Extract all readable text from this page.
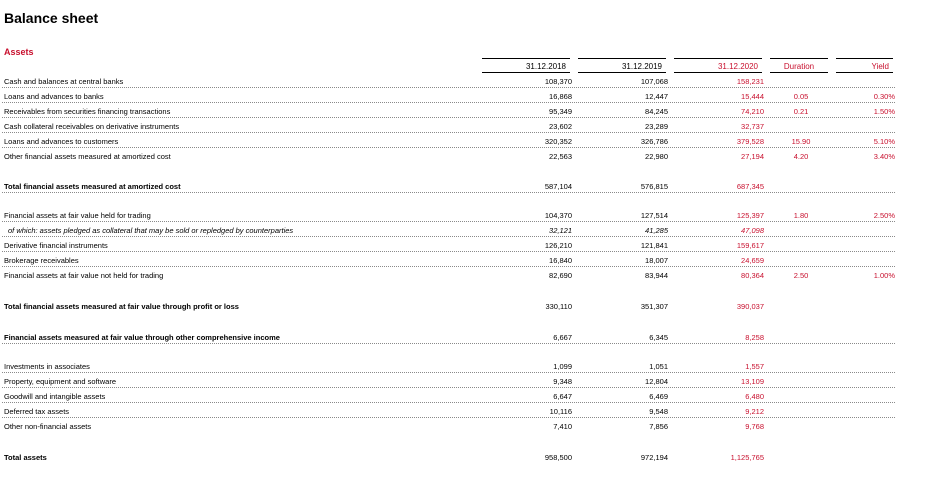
Balance sheet
Assets
31.12.2018	31.12.2019	31.12.2020	Duration	Yield
Cash and balances at central banks	108,370	107,068	158,231
Loans and advances to banks	16,868	12,447	15,444	0.05	0.30%
Receivables from securities financing transactions	95,349	84,245	74,210	0.21	1.50%
Cash collateral receivables on derivative instruments	23,602	23,289	32,737
Loans and advances to customers	320,352	326,786	379,528	15.90	5.10%
Other financial assets measured at amortized cost	22,563	22,980	27,194	4.20	3.40%
Total financial assets measured at amortized cost	587,104	576,815	687,345
Financial assets at fair value held for trading	104,370	127,514	125,397	1.80	2.50%
of which: assets pledged as collateral that may be sold or repledged by counterparties	32,121	41,285	47,098
Derivative financial instruments	126,210	121,841	159,617
Brokerage receivables	16,840	18,007	24,659
Financial assets at fair value not held for trading	82,690	83,944	80,364	2.50	1.00%
Total financial assets measured at fair value through profit or loss	330,110	351,307	390,037
Financial assets measured at fair value through other comprehensive income	6,667	6,345	8,258
Investments in associates	1,099	1,051	1,557
Property, equipment and software	9,348	12,804	13,109
Goodwill and intangible assets	6,647	6,469	6,480
Deferred tax assets	10,116	9,548	9,212
Other non-financial assets	7,410	7,856	9,768
Total assets	958,500	972,194	1,125,765
